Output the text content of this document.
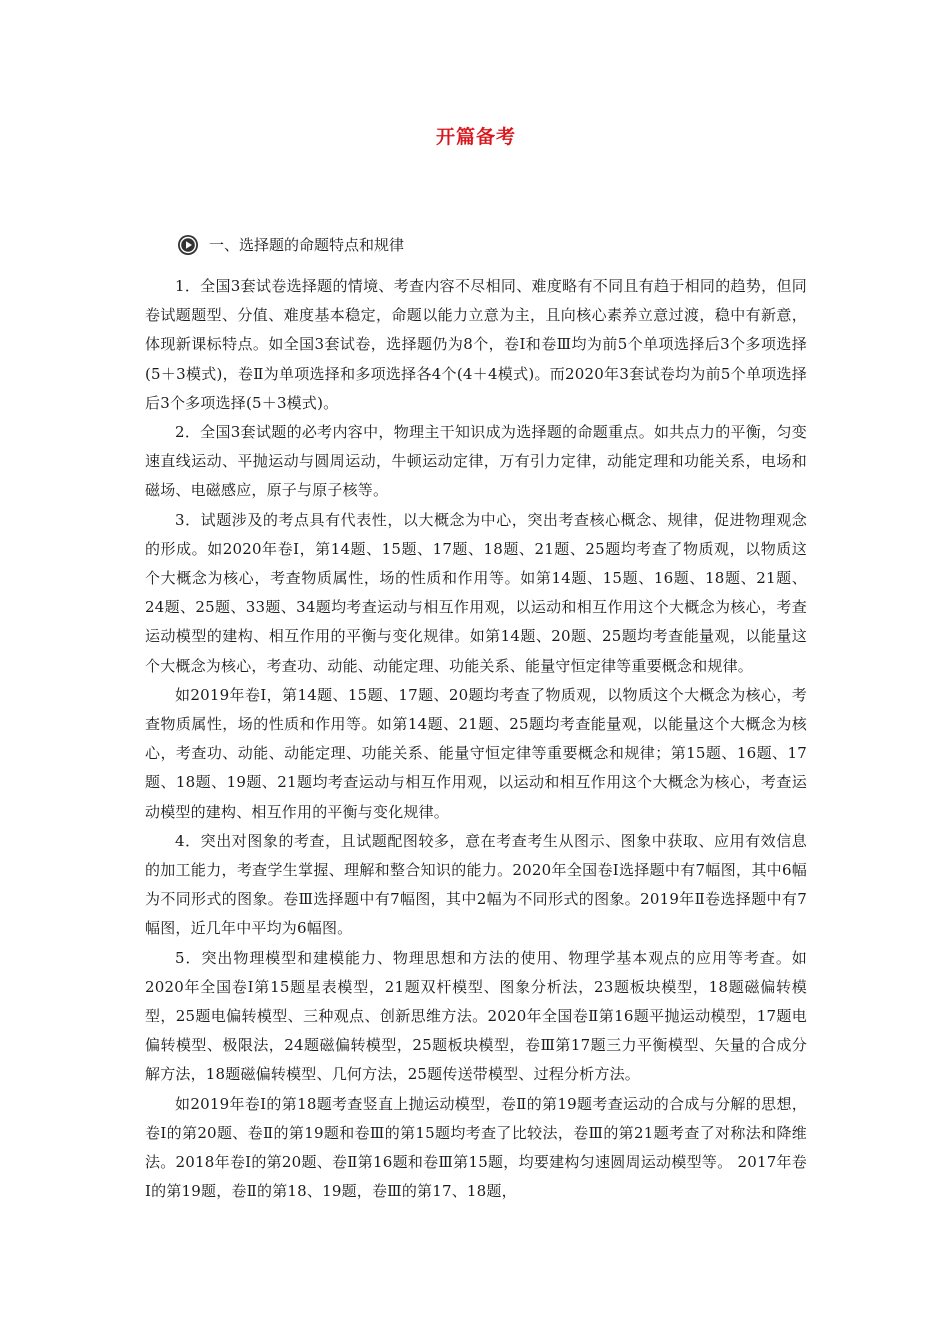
开篇备考
一、选择题的命题特点和规律

1．全国3套试卷选择题的情境、考查内容不尽相同、难度略有不同且有趋于相同的趋势，但同卷试题题型、分值、难度基本稳定，命题以能力立意为主，且向核心素养立意过渡，稳中有新意，体现新课标特点。如全国3套试卷，选择题仍为8个，卷Ⅰ和卷Ⅲ均为前5个单项选择后3个多项选择(5＋3模式)，卷Ⅱ为单项选择和多项选择各4个(4＋4模式)。而2020年3套试卷均为前5个单项选择后3个多项选择(5＋3模式)。

2．全国3套试题的必考内容中，物理主干知识成为选择题的命题重点。如共点力的平衡，匀变速直线运动、平抛运动与圆周运动，牛顿运动定律，万有引力定律，动能定理和功能关系，电场和磁场、电磁感应，原子与原子核等。

3．试题涉及的考点具有代表性，以大概念为中心，突出考查核心概念、规律，促进物理观念的形成。如2020年卷Ⅰ，第14题、15题、17题、18题、21题、25题均考查了物质观，以物质这个大概念为核心，考查物质属性，场的性质和作用等。如第14题、15题、16题、18题、21题、24题、25题、33题、34题均考查运动与相互作用观，以运动和相互作用这个大概念为核心，考查运动模型的建构、相互作用的平衡与变化规律。如第14题、20题、25题均考查能量观，以能量这个大概念为核心，考查功、动能、动能定理、功能关系、能量守恒定律等重要概念和规律。

如2019年卷Ⅰ，第14题、15题、17题、20题均考查了物质观，以物质这个大概念为核心，考查物质属性，场的性质和作用等。如第14题、21题、25题均考查能量观，以能量这个大概念为核心，考查功、动能、动能定理、功能关系、能量守恒定律等重要概念和规律；第15题、16题、17题、18题、19题、21题均考查运动与相互作用观，以运动和相互作用这个大概念为核心，考查运动模型的建构、相互作用的平衡与变化规律。

4．突出对图象的考查，且试题配图较多，意在考查考生从图示、图象中获取、应用有效信息的加工能力，考查学生掌握、理解和整合知识的能力。2020年全国卷Ⅰ选择题中有7幅图，其中6幅为不同形式的图象。卷Ⅲ选择题中有7幅图，其中2幅为不同形式的图象。2019年Ⅱ卷选择题中有7幅图，近几年中平均为6幅图。

5．突出物理模型和建模能力、物理思想和方法的使用、物理学基本观点的应用等考查。如2020年全国卷Ⅰ第15题星表模型，21题双杆模型、图象分析法，23题板块模型，18题磁偏转模型，25题电偏转模型、三种观点、创新思维方法。2020年全国卷Ⅱ第16题平抛运动模型，17题电偏转模型、极限法，24题磁偏转模型，25题板块模型，卷Ⅲ第17题三力平衡模型、矢量的合成分解方法，18题磁偏转模型、几何方法，25题传送带模型、过程分析方法。

如2019年卷Ⅰ的第18题考查竖直上抛运动模型，卷Ⅱ的第19题考查运动的合成与分解的思想，卷Ⅰ的第20题、卷Ⅱ的第19题和卷Ⅲ的第15题均考查了比较法，卷Ⅲ的第21题考查了对称法和降维法。2018年卷Ⅰ的第20题、卷Ⅱ第16题和卷Ⅲ第15题，均要建构匀速圆周运动模型等。 2017年卷Ⅰ的第19题，卷Ⅱ的第18、19题，卷Ⅲ的第17、18题，
